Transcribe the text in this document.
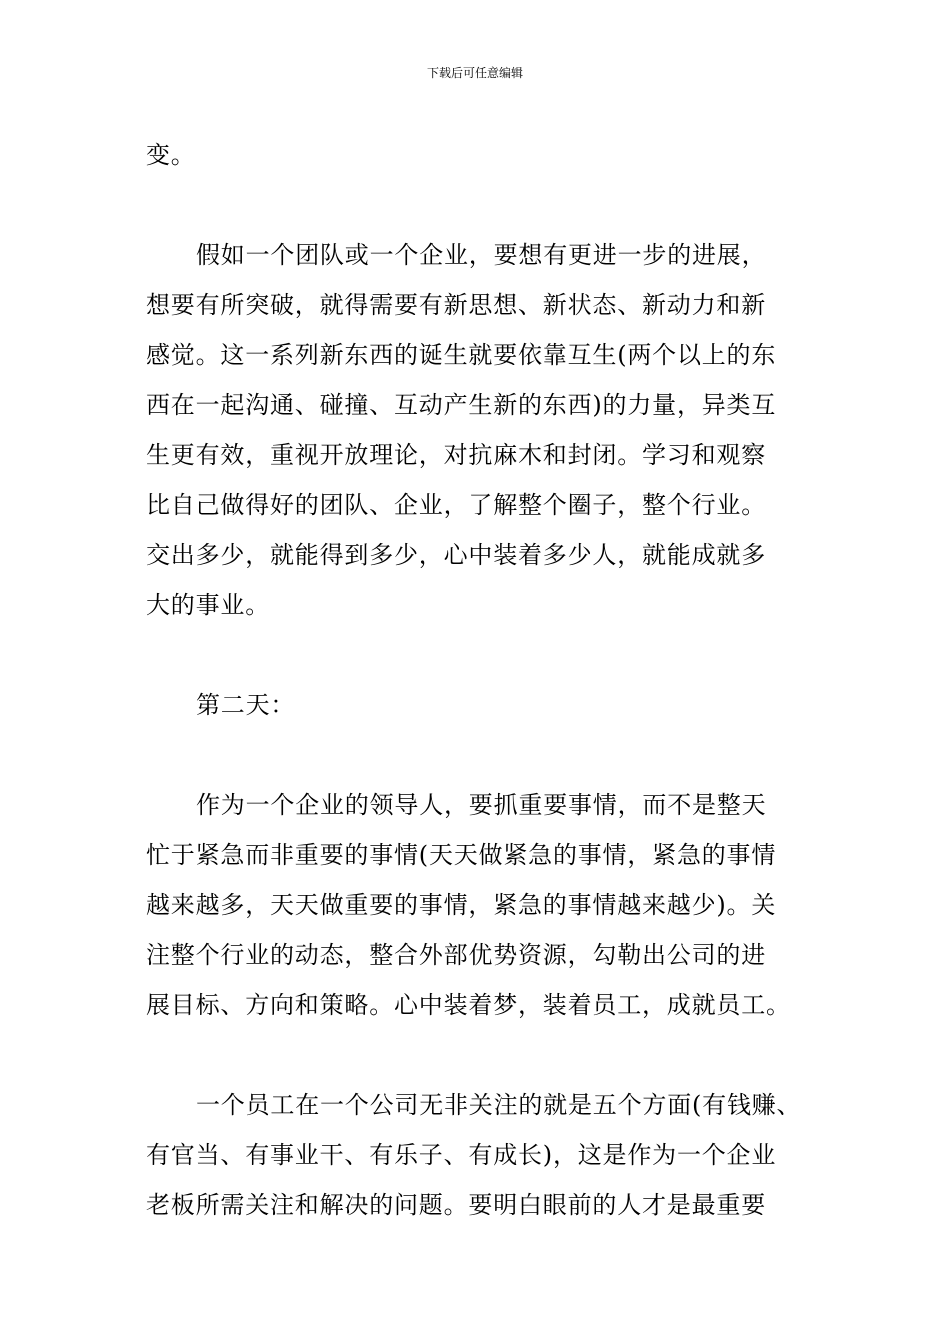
下载后可任意编辑
变。
假如一个团队或一个企业，要想有更进一步的进展，
想要有所突破，就得需要有新思想、新状态、新动力和新
感觉。这一系列新东西的诞生就要依靠互生(两个以上的东
西在一起沟通、碰撞、互动产生新的东西)的力量，异类互
生更有效，重视开放理论，对抗麻木和封闭。学习和观察
比自己做得好的团队、企业，了解整个圈子，整个行业。
交出多少，就能得到多少，心中装着多少人，就能成就多
大的事业。
第二天：
作为一个企业的领导人，要抓重要事情，而不是整天
忙于紧急而非重要的事情(天天做紧急的事情，紧急的事情
越来越多，天天做重要的事情，紧急的事情越来越少)。关
注整个行业的动态，整合外部优势资源，勾勒出公司的进
展目标、方向和策略。心中装着梦，装着员工，成就员工。
一个员工在一个公司无非关注的就是五个方面(有钱赚、
有官当、有事业干、有乐子、有成长)，这是作为一个企业
老板所需关注和解决的问题。要明白眼前的人才是最重要
